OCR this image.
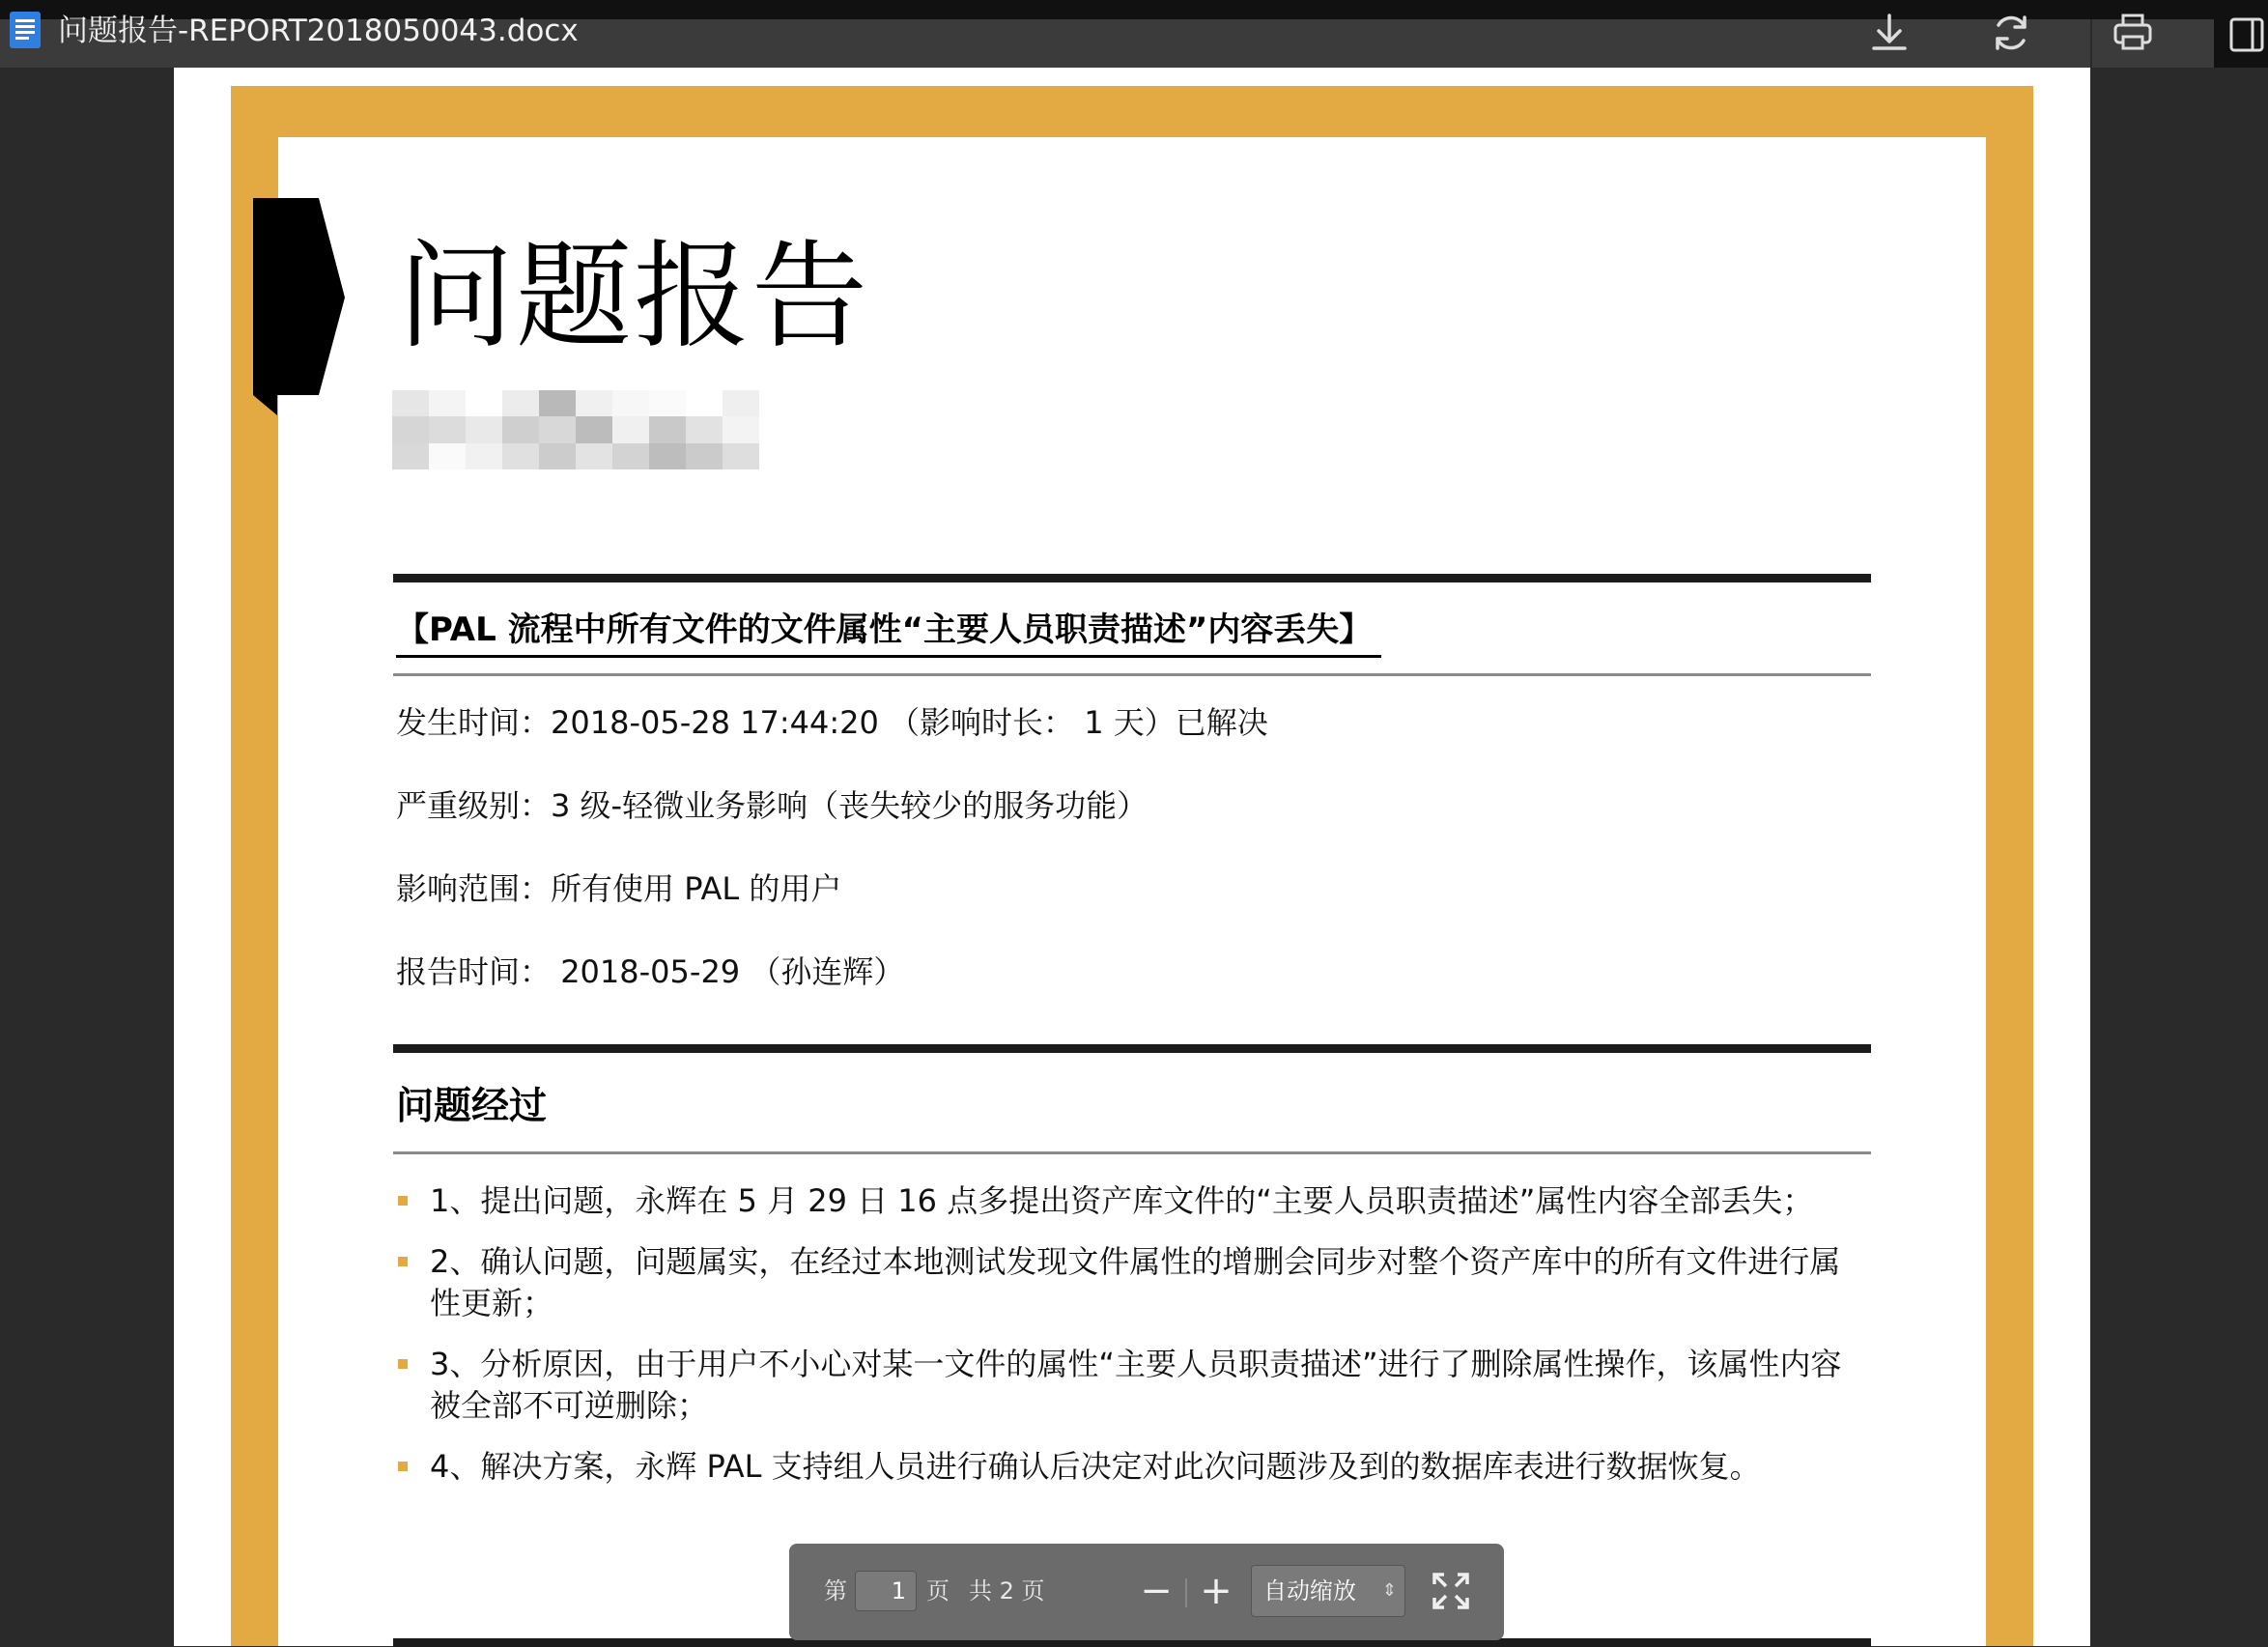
问题报告-REPORT2018050043.docx
问题报告
【PAL 流程中所有文件的文件属性“主要人员职责描述”内容丢失】
发生时间：2018-05-28 17:44:20 （影响时长： 1 天）已解决
严重级别：3 级-轻微业务影响（丧失较少的服务功能）
影响范围：所有使用 PAL 的用户
报告时间： 2018-05-29 （孙连辉）
问题经过
1、提出问题，永辉在 5 月 29 日 16 点多提出资产库文件的“主要人员职责描述”属性内容全部丢失；
2、确认问题，问题属实，在经过本地测试发现文件属性的增删会同步对整个资产库中的所有文件进行属性更新；
3、分析原因，由于用户不小心对某一文件的属性“主要人员职责描述”进行了删除属性操作，该属性内容被全部不可逆删除；
4、解决方案，永辉 PAL 支持组人员进行确认后决定对此次问题涉及到的数据库表进行数据恢复。
第	1 页 共 2 页 − +	自动缩放 ⇕
